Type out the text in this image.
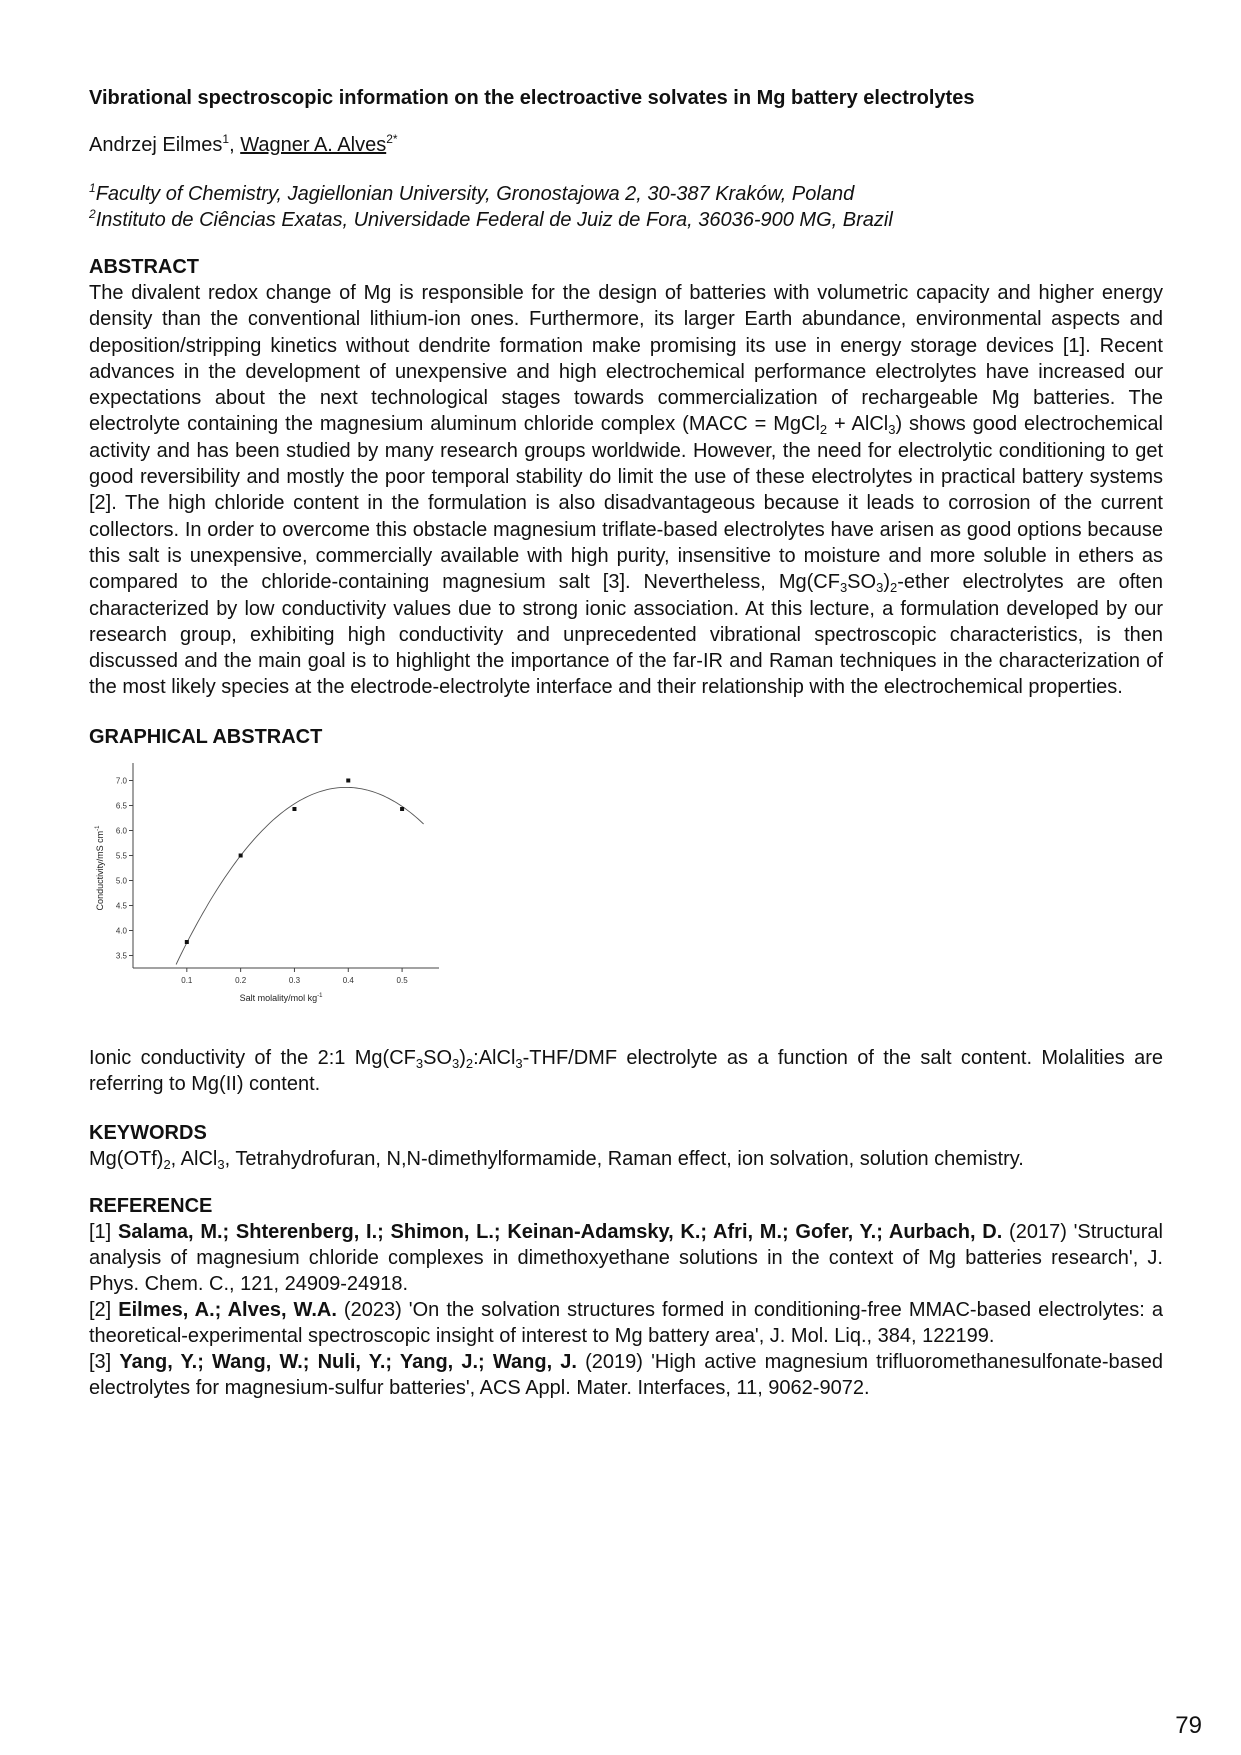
Vibrational spectroscopic information on the electroactive solvates in Mg battery electrolytes

Andrzej Eilmes$^1$, Wagner A. Alves$^{2*}$
$^1$Faculty of Chemistry, Jagiellonian University, Gronostajowa 2, 30-387 Kraków, Poland
$^2$Instituto de Ciências Exatas, Universidade Federal de Juiz de Fora, 36036-900 MG, Brazil

ABSTRACT

The divalent redox change of Mg is responsible for the design of batteries with volumetric capacity and higher energy density than the conventional lithium-ion ones. Furthermore, its larger Earth abundance, environmental aspects and deposition/stripping kinetics without dendrite formation make promising its use in energy storage devices [1]. Recent advances in the development of unexpensive and high electrochemical performance electrolytes have increased our expectations about the next technological stages towards commercialization of rechargeable Mg batteries. The electrolyte containing the magnesium aluminum chloride complex (MACC = MgCl$_2$ + AlCl$_3$) shows good electrochemical activity and has been studied by many research groups worldwide. However, the need for electrolytic conditioning to get good reversibility and mostly the poor temporal stability do limit the use of these electrolytes in practical battery systems [2]. The high chloride content in the formulation is also disadvantageous because it leads to corrosion of the current collectors. In order to overcome this obstacle magnesium triflate-based electrolytes have arisen as good options because this salt is unexpensive, commercially available with high purity, insensitive to moisture and more soluble in ethers as compared to the chloride-containing magnesium salt [3]. Nevertheless, $Mg(CF_3SO_3)_2$-ether electrolytes are often characterized by low conductivity values due to strong ionic association. At this lecture, a formulation developed by our research group, exhibiting high conductivity and unprecedented vibrational spectroscopic characteristics, is then discussed and the main goal is to highlight the importance of the far-IR and Raman techniques in the characterization of the most likely species at the electrode-electrolyte interface and their relationship with the electrochemical properties.

GRAPHICAL ABSTRACT

3.5
4.0
4.5
5.0
5.5
6.0
6.5
7.0
0.1	0.2	0.3	0.4	0.5
Salt molality/mol $kg^{-1}$
Conductivity/mS $cm^{-1}$
Ionic conductivity of the 2:1 $Mg(CF_3SO_3)_2:AlCl_3-THF$/DMF electrolyte as a function of the salt content. Molalities are referring to Mg(II) content.

KEYWORDS

$Mg(OTf)_2$, AlCl$_3$, Tetrahydrofuran, N,N-dimethylformamide, Raman effect, ion solvation, solution chemistry.

REFERENCE

[1] Salama, M.; Shterenberg, I.; Shimon, L.; Keinan-Adamsky, K.; Afri, M.; Gofer, Y.; Aurbach, D. (2017) 'Structural analysis of magnesium chloride complexes in dimethoxyethane solutions in the context of Mg batteries research', J. Phys. Chem. C., 121, 24909-24918.

[2] Eilmes, A.; Alves, W.A. (2023) 'On the solvation structures formed in conditioning-free MMAC-based electrolytes: a theoretical-experimental spectroscopic insight of interest to Mg battery area', J. Mol. Liq., 384, 122199.

[3] Yang, Y.; Wang, W.; Nuli, Y.; Yang, J.; Wang, J. (2019) 'High active magnesium trifluoromethanesulfonate-based electrolytes for magnesium-sulfur batteries', ACS Appl. Mater. Interfaces, 11, 9062-9072.

79
